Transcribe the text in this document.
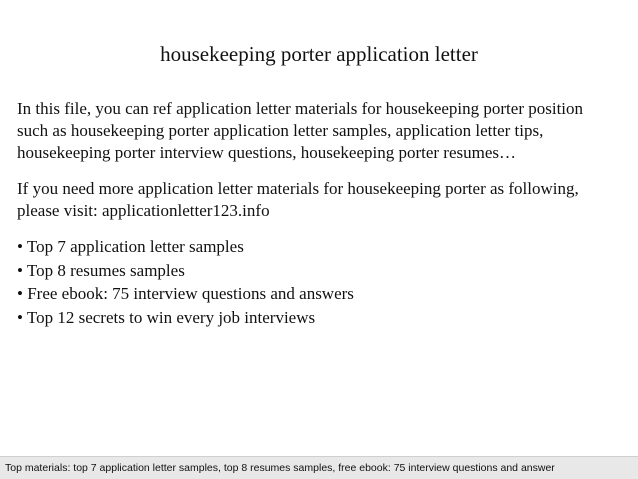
housekeeping porter application letter

In this file, you can ref application letter materials for housekeeping porter position
such as housekeeping porter application letter samples, application letter tips,
housekeeping porter interview questions, housekeeping porter resumes…

If you need more application letter materials for housekeeping porter as following,
please visit: applicationletter123.info

• Top 7 application letter samples
• Top 8 resumes samples
• Free ebook: 75 interview questions and answers
• Top 12 secrets to win every job interviews
Top materials: top 7 application letter samples, top 8 resumes samples, free ebook: 75 interview questions and answer
